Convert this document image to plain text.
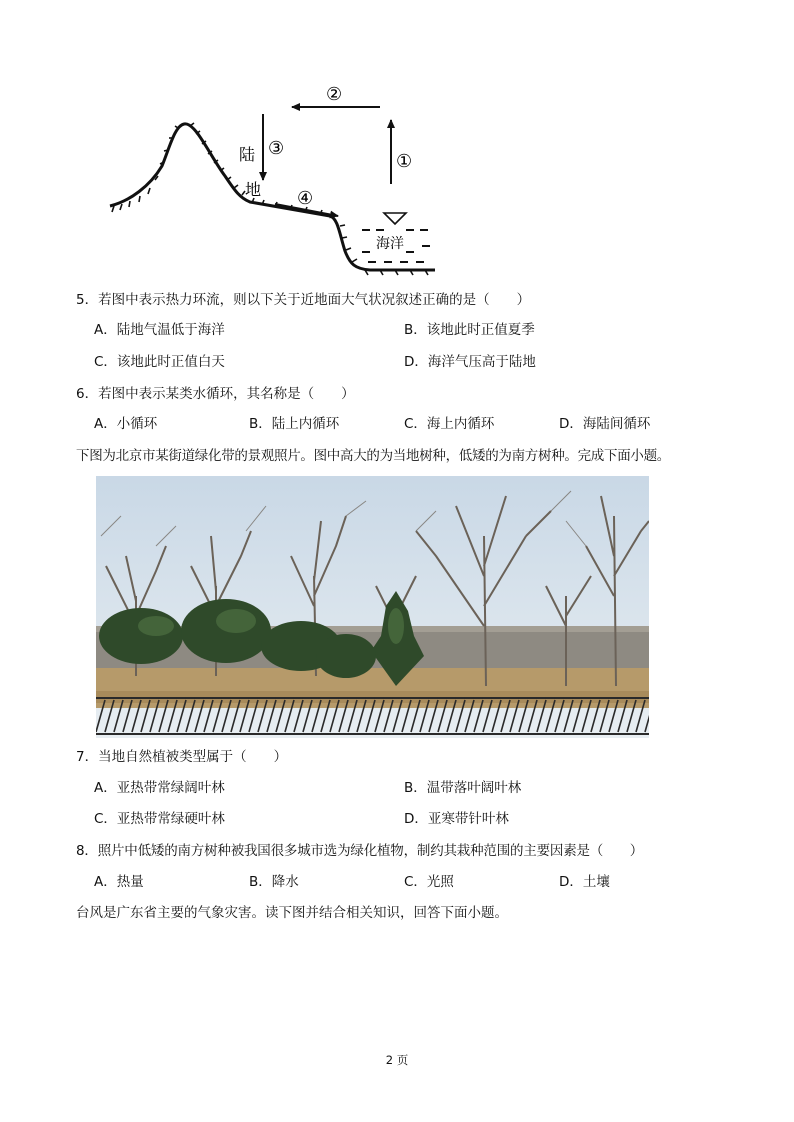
①
②
③
④
陆
地
海洋
5．若图中表示热力环流，则以下关于近地面大气状况叙述正确的是（　　）
A．陆地气温低于海洋	B．该地此时正值夏季
C．该地此时正值白天	D．海洋气压高于陆地
6．若图中表示某类水循环，其名称是（　　）
A．小循环	B．陆上内循环	C．海上内循环	D．海陆间循环
下图为北京市某街道绿化带的景观照片。图中高大的为当地树种，低矮的为南方树种。完成下面小题。
7．当地自然植被类型属于（　　）
A．亚热带常绿阔叶林	B．温带落叶阔叶林
C．亚热带常绿硬叶林	D．亚寒带针叶林
8．照片中低矮的南方树种被我国很多城市选为绿化植物，制约其栽种范围的主要因素是（　　）
A．热量	B．降水	C．光照	D．土壤
台风是广东省主要的气象灾害。读下图并结合相关知识，回答下面小题。
2 页
